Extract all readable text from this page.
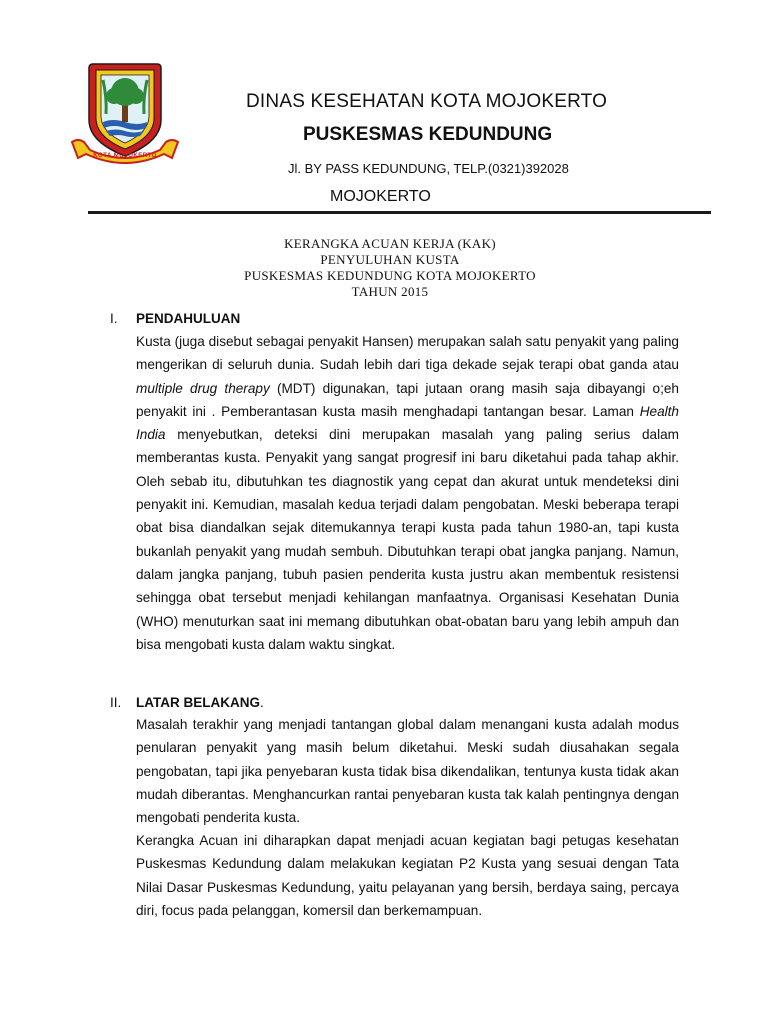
KOTA MOJOKERTO
DINAS KESEHATAN KOTA MOJOKERTO
PUSKESMAS KEDUNDUNG
Jl. BY PASS KEDUNDUNG, TELP.(0321)392028
MOJOKERTO
KERANGKA ACUAN KERJA (KAK)
PENYULUHAN KUSTA
PUSKESMAS KEDUNDUNG KOTA MOJOKERTO
TAHUN 2015
I. PENDAHULUAN

Kusta (juga disebut sebagai penyakit Hansen) merupakan salah satu penyakit yang paling mengerikan di seluruh dunia. Sudah lebih dari tiga dekade sejak terapi obat ganda atau multiple drug therapy (MDT) digunakan, tapi jutaan orang masih saja dibayangi o;eh penyakit ini . Pemberantasan kusta masih menghadapi tantangan besar. Laman Health India menyebutkan, deteksi dini merupakan masalah yang paling serius dalam memberantas kusta. Penyakit yang sangat progresif ini baru diketahui pada tahap akhir. Oleh sebab itu, dibutuhkan tes diagnostik yang cepat dan akurat untuk mendeteksi dini penyakit ini. Kemudian, masalah kedua terjadi dalam pengobatan. Meski beberapa terapi obat bisa diandalkan sejak ditemukannya terapi kusta pada tahun 1980-an, tapi kusta bukanlah penyakit yang mudah sembuh. Dibutuhkan terapi obat jangka panjang. Namun, dalam jangka panjang, tubuh pasien penderita kusta justru akan membentuk resistensi sehingga obat tersebut menjadi kehilangan manfaatnya. Organisasi Kesehatan Dunia (WHO) menuturkan saat ini memang dibutuhkan obat-obatan baru yang lebih ampuh dan bisa mengobati kusta dalam waktu singkat.

II. LATAR BELAKANG.

Masalah terakhir yang menjadi tantangan global dalam menangani kusta adalah modus penularan penyakit yang masih belum diketahui. Meski sudah diusahakan segala pengobatan, tapi jika penyebaran kusta tidak bisa dikendalikan, tentunya kusta tidak akan mudah diberantas. Menghancurkan rantai penyebaran kusta tak kalah pentingnya dengan mengobati penderita kusta.

Kerangka Acuan ini diharapkan dapat menjadi acuan kegiatan bagi petugas kesehatan Puskesmas Kedundung dalam melakukan kegiatan P2 Kusta yang sesuai dengan Tata Nilai Dasar Puskesmas Kedundung, yaitu pelayanan yang bersih, berdaya saing, percaya diri, focus pada pelanggan, komersil dan berkemampuan.
